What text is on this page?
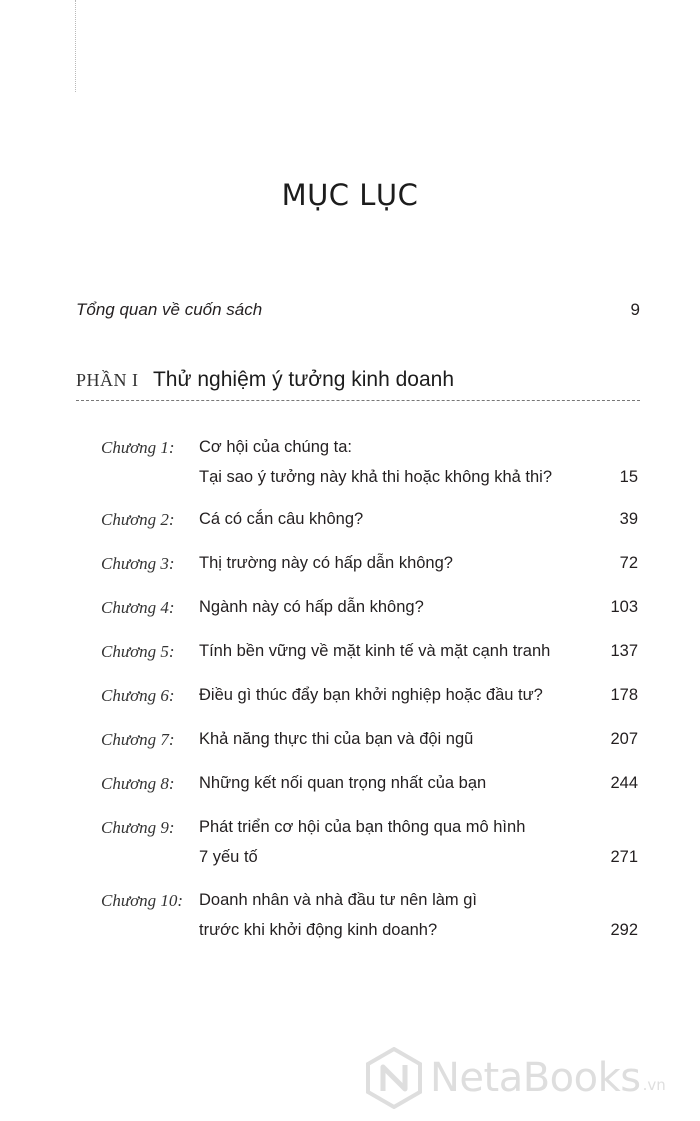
MỤC LỤC
Tổng quan về cuốn sách	9
PHẦN I Thử nghiệm ý tưởng kinh doanh
Chương 1: Cơ hội của chúng ta:
Tại sao ý tưởng này khả thi hoặc không khả thi?	15
Chương 2: Cá có cắn câu không?	39
Chương 3: Thị trường này có hấp dẫn không?	72
Chương 4: Ngành này có hấp dẫn không?	103
Chương 5: Tính bền vững về mặt kinh tế và mặt cạnh tranh	137
Chương 6: Điều gì thúc đẩy bạn khởi nghiệp hoặc đầu tư?	178
Chương 7: Khả năng thực thi của bạn và đội ngũ	207
Chương 8: Những kết nối quan trọng nhất của bạn	244
Chương 9: Phát triển cơ hội của bạn thông qua mô hình
7 yếu tố	271
Chương 10: Doanh nhân và nhà đầu tư nên làm gì
trước khi khởi động kinh doanh?	292
NetaBooks .vn
